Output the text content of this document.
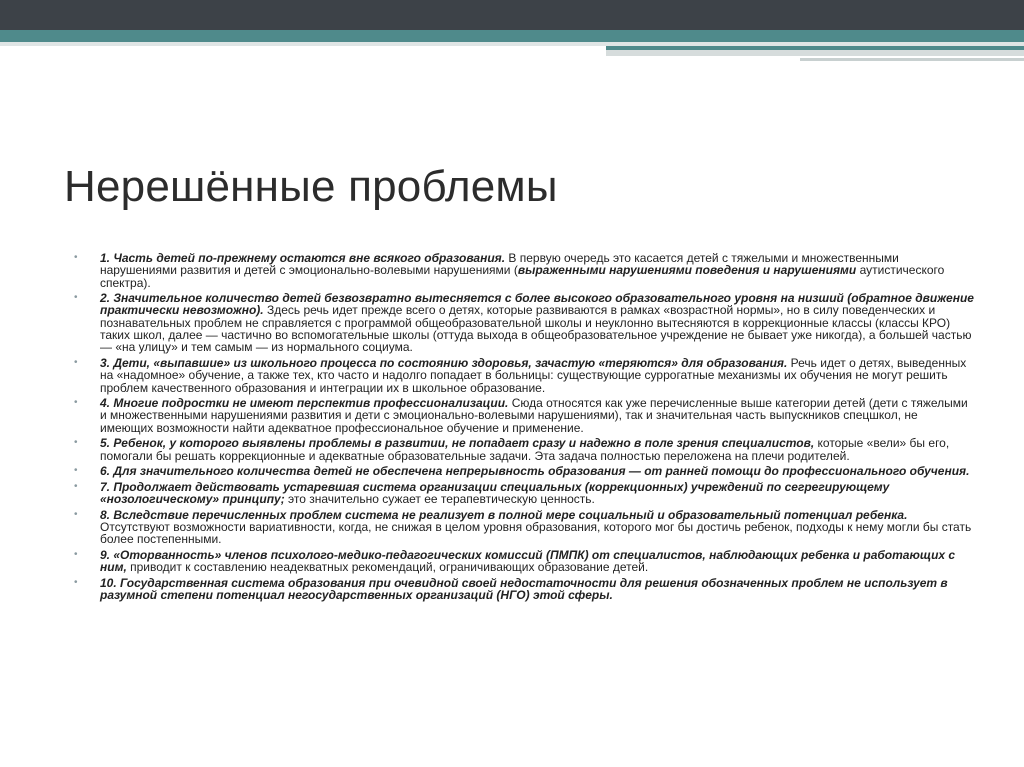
Нерешённые проблемы
• 1. Часть детей по-прежнему остаются вне всякого образования. В первую очередь это касается детей с тяжелыми и множественными нарушениями развития и детей с эмоционально-волевыми нарушениями (выраженными нарушениями поведения и нарушениями аутистического спектра).
• 2. Значительное количество детей безвозвратно вытесняется с более высокого образовательного уровня на низший (обратное движение практически невозможно). Здесь речь идет прежде всего о детях, которые развиваются в рамках «возрастной нормы», но в силу поведенческих и познавательных проблем не справляется с программой общеобразовательной школы и неуклонно вытесняются в коррекционные классы (классы КРО) таких школ, далее — частично во вспомогательные школы (оттуда выхода в общеобразовательное учреждение не бывает уже никогда), а большей частью — «на улицу» и тем самым — из нормального социума.
• 3. Дети, «выпавшие» из школьного процесса по состоянию здоровья, зачастую «теряются» для образования. Речь идет о детях, выведенных на «надомное» обучение, а также тех, кто часто и надолго попадает в больницы: существующие суррогатные механизмы их обучения не могут решить проблем качественного образования и интеграции их в школьное образование.
• 4. Многие подростки не имеют перспектив профессионализации. Сюда относятся как уже перечисленные выше категории детей (дети с тяжелыми и множественными нарушениями развития и дети с эмоционально-волевыми нарушениями), так и значительная часть выпускников спецшкол, не имеющих возможности найти адекватное профессиональное обучение и применение.
• 5. Ребенок, у которого выявлены проблемы в развитии, не попадает сразу и надежно в поле зрения специалистов, которые «вели» бы его, помогали бы решать коррекционные и адекватные образовательные задачи. Эта задача полностью переложена на плечи родителей.
• 6. Для значительного количества детей не обеспечена непрерывность образования — от ранней помощи до профессионального обучения.
• 7. Продолжает действовать устаревшая система организации специальных (коррекционных) учреждений по сегрегирующему «нозологическому» принципу; это значительно сужает ее терапевтическую ценность.
• 8. Вследствие перечисленных проблем система не реализует в полной мере социальный и образовательный потенциал ребенка. Отсутствуют возможности вариативности, когда, не снижая в целом уровня образования, которого мог бы достичь ребенок, подходы к нему могли бы стать более постепенными.
• 9. «Оторванность» членов психолого-медико-педагогических комиссий (ПМПК) от специалистов, наблюдающих ребенка и работающих с ним, приводит к составлению неадекватных рекомендаций, ограничивающих образование детей.
• 10. Государственная система образования при очевидной своей недостаточности для решения обозначенных проблем не использует в разумной степени потенциал негосударственных организаций (НГО) этой сферы.
